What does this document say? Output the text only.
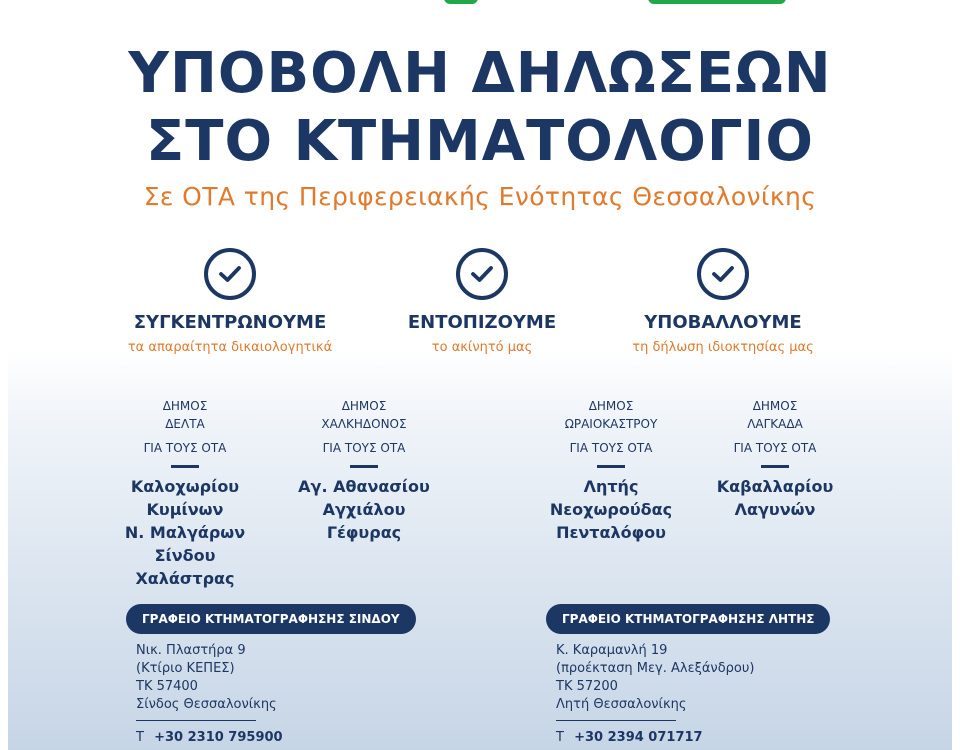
ΥΠΟΒΟΛΗ ΔΗΛΩΣΕΩΝ
ΣΤΟ ΚΤΗΜΑΤΟΛΟΓΙΟ
Σε ΟΤΑ της Περιφερειακής Ενότητας Θεσσαλονίκης
ΣΥΓΚΕΝΤΡΩΝΟΥΜΕ
τα απαραίτητα δικαιολογητικά
ΕΝΤΟΠΙΖΟΥΜΕ
το ακίνητό μας
ΥΠΟΒΑΛΛΟΥΜΕ
τη δήλωση ιδιοκτησίας μας
ΔΗΜΟΣ
ΔΕΛΤΑ
ΓΙΑ ΤΟΥΣ ΟΤΑ
Καλοχωρίου
Κυμίνων
Ν. Μαλγάρων
Σίνδου
Χαλάστρας
ΔΗΜΟΣ
ΧΑΛΚΗΔΟΝΟΣ
ΓΙΑ ΤΟΥΣ ΟΤΑ
Αγ. Αθανασίου
Αγχιάλου
Γέφυρας
ΔΗΜΟΣ
ΩΡΑΙΟΚΑΣΤΡΟΥ
ΓΙΑ ΤΟΥΣ ΟΤΑ
Λητής
Νεοχωρούδας
Πενταλόφου
ΔΗΜΟΣ
ΛΑΓΚΑΔΑ
ΓΙΑ ΤΟΥΣ ΟΤΑ
Καβαλλαρίου
Λαγυνών
ΓΡΑΦΕΙΟ ΚΤΗΜΑΤΟΓΡΑΦΗΣΗΣ ΣΙΝΔΟΥ
Νικ. Πλαστήρα 9
(Κτίριο ΚΕΠΕΣ)
ΤΚ 57400
Σίνδος Θεσσαλονίκης
Τ +30 2310 795900
ΓΡΑΦΕΙΟ ΚΤΗΜΑΤΟΓΡΑΦΗΣΗΣ ΛΗΤΗΣ
Κ. Καραμανλή 19
(προέκταση Μεγ. Αλεξάνδρου)
ΤΚ 57200
Λητή Θεσσαλονίκης
Τ +30 2394 071717
